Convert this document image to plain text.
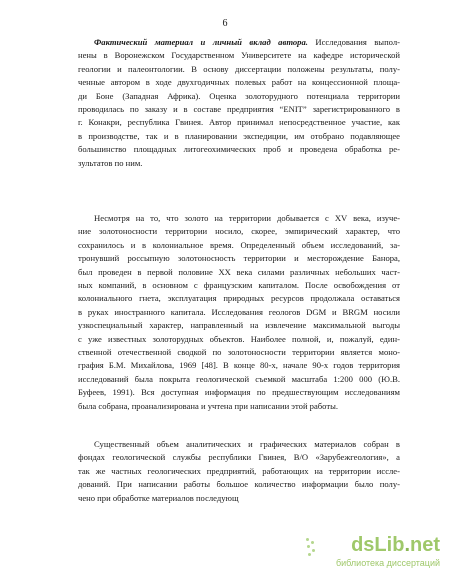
6
Фактический материал и личный вклад автора. Исследования выпол-
нены в Воронежском Государственном Университете на кафедре исторической
геологии и палеонтологии. В основу диссертации положены результаты, полу-
ченные автором в ходе двухгодичных полевых работ на концессионной площа-
ди Боне (Западная Африка). Оценка золоторудного потенциала территории
проводилась по заказу и в составе предприятия “ENIT” зарегистрированного в
г. Конакри, республика Гвинея. Автор принимал непосредственное участие, как
в производстве, так и в планировании экспедиции, им отобрано подавляющее
большинство площадных литогеохимических проб и проведена обработка ре-
зультатов по ним.
Несмотря на то, что золото на территории добывается с XV века, изуче-
ние золотоносности территории носило, скорее, эмпирический характер, что
сохранилось и в колониальное время. Определенный объем исследований, за-
тронувший россыпную золотоносность территории и месторождение Банора,
был проведен в первой половине XX века силами различных небольших част-
ных компаний, в основном с французским капиталом. После освобождения от
колониального гнета, эксплуатация природных ресурсов продолжала оставаться
в руках иностранного капитала. Исследования геологов DGM и BRGM носили
узкоспециальный характер, направленный на извлечение максимальной выгоды
с уже известных золоторудных объектов. Наиболее полной, и, пожалуй, един-
ственной отечественной сводкой по золотоносности территории является моно-
графия Б.М. Михайлова, 1969 [48]. В конце 80-х, начале 90-х годов территория
исследований была покрыта геологической съемкой масштаба 1:200 000 (Ю.В.
Буфеев, 1991). Вся доступная информация по предшествующим исследованиям
была собрана, проанализирована и учтена при написании этой работы.
Существенный объем аналитических и графических материалов собран в
фондах геологической службы республики Гвинея, В/О «Зарубежгеология», а
так же частных геологических предприятий, работающих на территории иссле-
дований. При написании работы большое количество информации было полу-
чено при обработке материалов последующ
dsLib.net
библиотека диссертаций
